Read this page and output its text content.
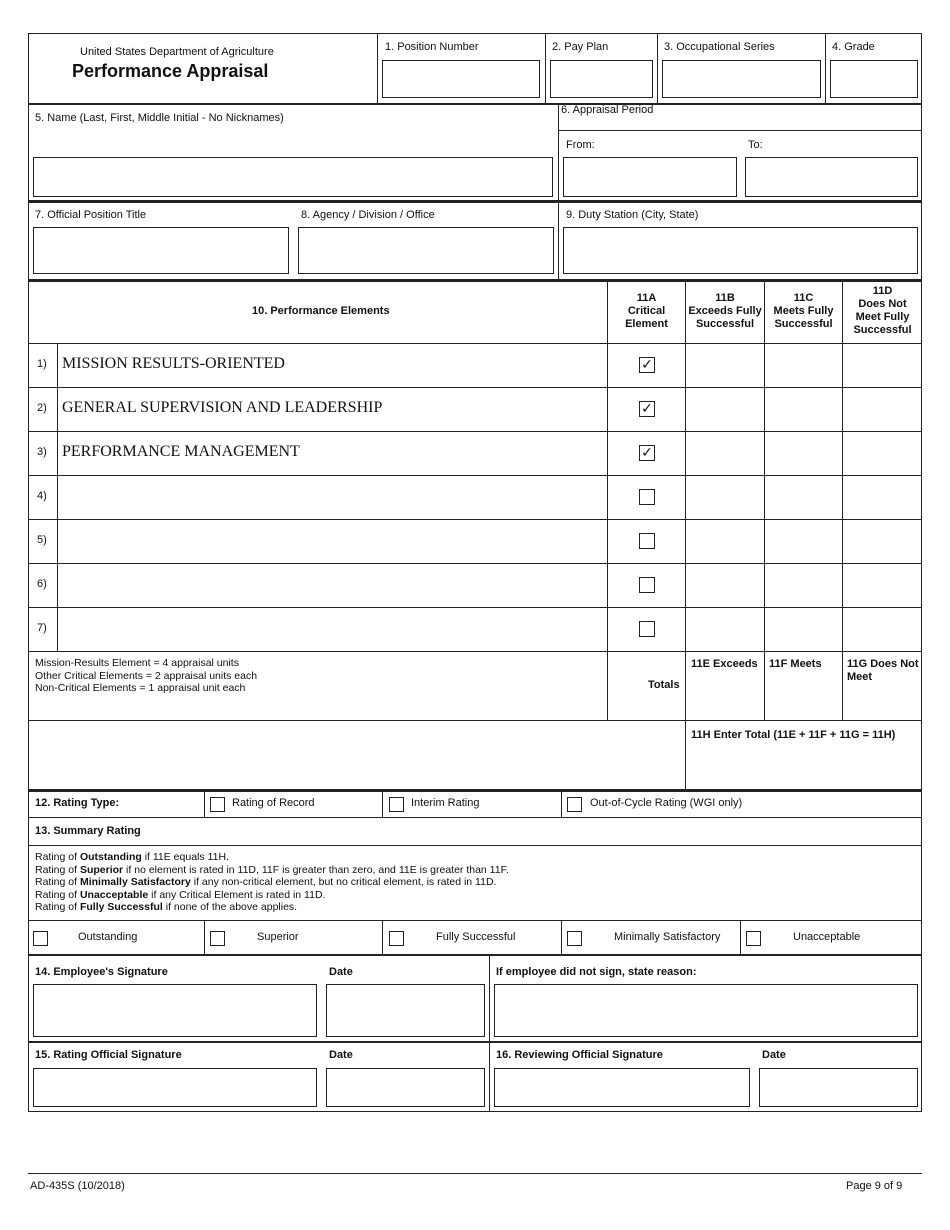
United States Department of Agriculture
Performance Appraisal
1. Position Number	2. Pay Plan	3. Occupational Series	4. Grade
5. Name (Last, First, Middle Initial - No Nicknames)
6. Appraisal Period
From:	To:
7. Official Position Title	8. Agency / Division / Office	9. Duty Station (City, State)
10. Performance Elements
11A
Critical
Element
11B
Exceeds Fully
Successful
11C
Meets Fully
Successful
11D
Does Not
Meet Fully
Successful
1) MISSION RESULTS-ORIENTED	✓
2) GENERAL SUPERVISION AND LEADERSHIP	✓
3) PERFORMANCE MANAGEMENT	✓
4)
5)
6)
7)
Mission-Results Element = 4 appraisal units
Other Critical Elements = 2 appraisal units each
Non-Critical Elements = 1 appraisal unit each	Totals
11E Exceeds 11F Meets 11G Does Not Meet
11H Enter Total (11E + 11F + 11G = 11H)
12. Rating Type:	Rating of Record	Interim Rating	Out-of-Cycle Rating (WGI only)
13. Summary Rating
Rating of Outstanding if 11E equals 11H.
Rating of Superior if no element is rated in 11D, 11F is greater than zero, and 11E is greater than 11F.
Rating of Minimally Satisfactory if any non-critical element, but no critical element, is rated in 11D.
Rating of Unacceptable if any Critical Element is rated in 11D.
Rating of Fully Successful if none of the above applies.
Outstanding	Superior	Fully Successful	Minimally Satisfactory	Unacceptable
14. Employee's Signature	Date	If employee did not sign, state reason:
15. Rating Official Signature	Date	16. Reviewing Official Signature	Date
AD-435S (10/2018)	Page 9 of 9
